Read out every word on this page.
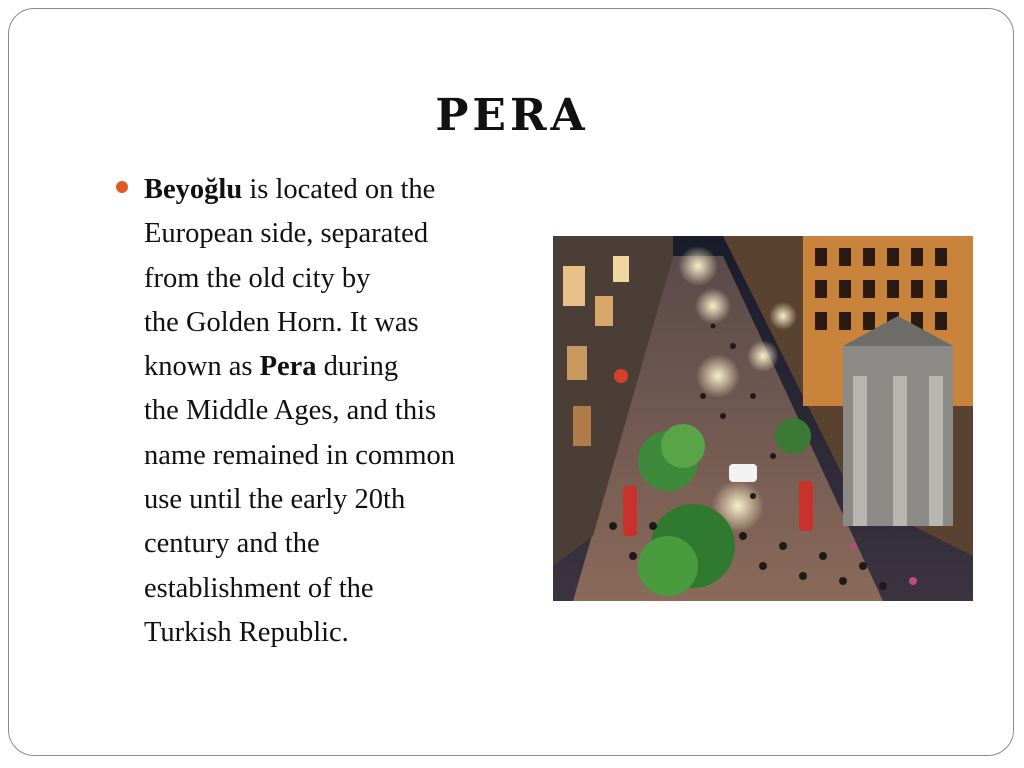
PERA
Beyoğlu is located on the
European side, separated
from the old city by
the Golden Horn. It was
known as Pera during
the Middle Ages, and this
name remained in common
use until the early 20th
century and the
establishment of the
Turkish Republic.
